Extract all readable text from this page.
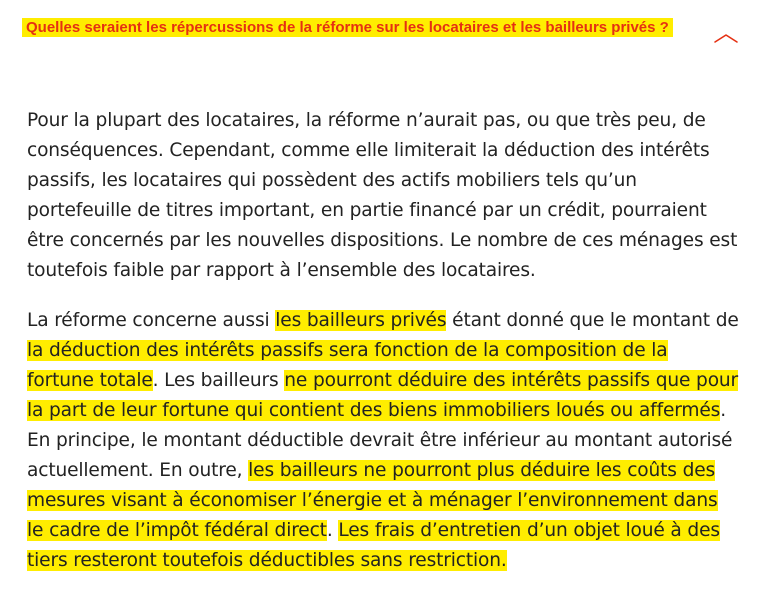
Quelles seraient les répercussions de la réforme sur les locataires et les bailleurs privés ?

Pour la plupart des locataires, la réforme n’aurait pas, ou que très peu, de conséquences. Cependant, comme elle limiterait la déduction des intérêts passifs, les locataires qui possèdent des actifs mobiliers tels qu’un portefeuille de titres important, en partie financé par un crédit, pourraient être concernés par les nouvelles dispositions. Le nombre de ces ménages est toutefois faible par rapport à l’ensemble des locataires.

La réforme concerne aussi les bailleurs privés étant donné que le montant de la déduction des intérêts passifs sera fonction de la composition de la fortune totale. Les bailleurs ne pourront déduire des intérêts passifs que pour la part de leur fortune qui contient des biens immobiliers loués ou affermés. En principe, le montant déductible devrait être inférieur au montant autorisé actuellement. En outre, les bailleurs ne pourront plus déduire les coûts des mesures visant à économiser l’énergie et à ménager l’environnement dans le cadre de l’impôt fédéral direct. Les frais d’entretien d’un objet loué à des tiers resteront toutefois déductibles sans restriction.
